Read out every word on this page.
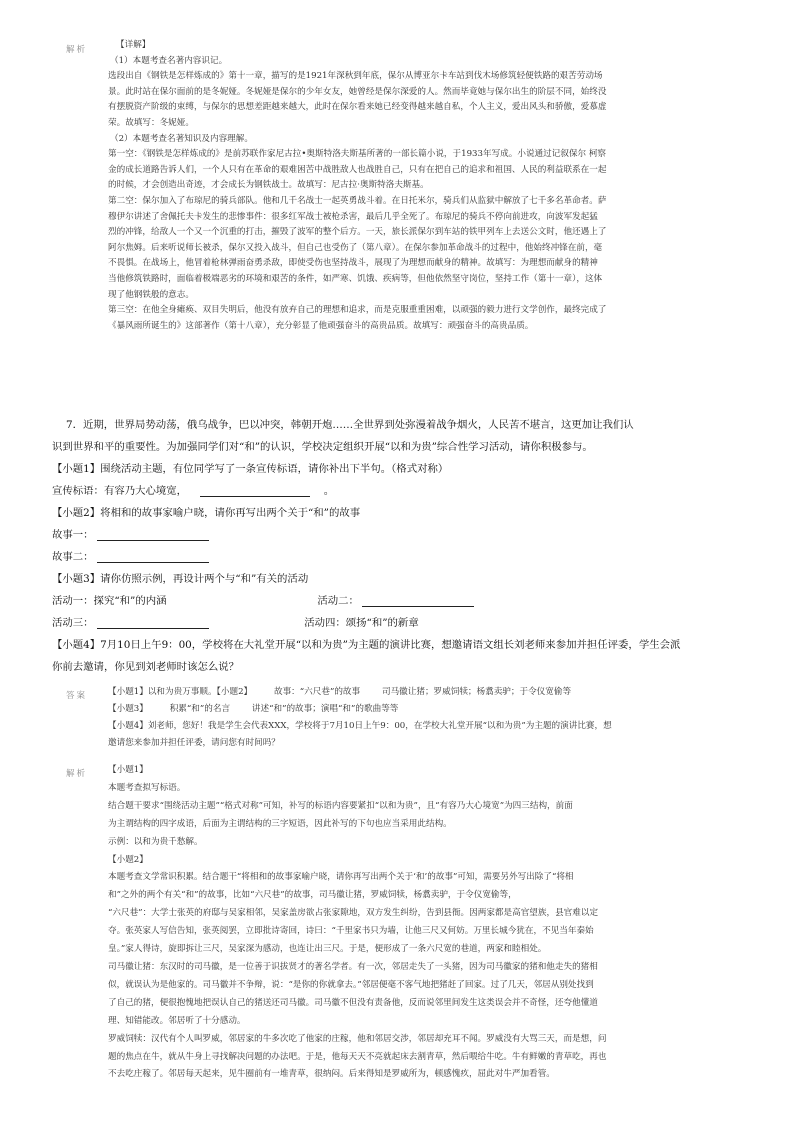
解析	【详解】

（1）本题考查名著内容识记。

选段出自《钢铁是怎样炼成的》第十一章，描写的是1921年深秋到年底，保尔从博亚尔卡车站到伐木场修筑轻便铁路的艰苦劳动场

景。此时站在保尔面前的是冬妮娅。冬妮娅是保尔的少年女友，她曾经是保尔深爱的人。然而毕竟她与保尔出生的阶层不同，始终没

有摆脱资产阶级的束缚，与保尔的思想差距越来越大，此时在保尔看来她已经变得越来越自私，个人主义，爱出风头和骄傲，爱慕虚

荣。故填写：冬妮娅。

（2）本题考查名著知识及内容理解。

第一空：《钢铁是怎样炼成的》是前苏联作家尼古拉•奥斯特洛夫斯基所著的一部长篇小说，于1933年写成。小说通过记叙保尔 柯察

金的成长道路告诉人们，一个人只有在革命的艰难困苦中战胜敌人也战胜自己，只有在把自己的追求和祖国、人民的利益联系在一起

的时候，才会创造出奇迹，才会成长为钢铁战士。故填写：尼古拉·奥斯特洛夫斯基。

第二空：保尔加入了布琼尼的骑兵部队。他和几千名战士一起英勇战斗着。在日托米尔，骑兵们从监狱中解放了七千多名革命者。萨

穆伊尔讲述了舍佩托夫卡发生的悲惨事件：很多红军战士被枪杀害，最后几乎全死了。布琼尼的骑兵不停向前进攻，向波军发起猛

烈的冲锋，给敌人一个又一个沉重的打击，摧毁了波军的整个后方。一天，旅长派保尔到车站的铁甲列车上去送公文时，他还遇上了

阿尔焦姆。后来听说师长被杀，保尔又投入战斗，但自己也受伤了（第八章）。在保尔参加革命战斗的过程中，他始终冲锋在前，毫

不畏惧。在战场上，他冒着枪林弹雨奋勇杀敌，即使受伤也坚持战斗，展现了为理想而献身的精神。故填写：为理想而献身的精神

当他修筑铁路时，面临着极端恶劣的环境和艰苦的条件，如严寒、饥饿、疾病等，但他依然坚守岗位，坚持工作（第十一章），这体

现了他钢铁般的意志。

第三空：在他全身瘫痪、双目失明后，他没有放弃自己的理想和追求，而是克服重重困难，以顽强的毅力进行文学创作，最终完成了

《暴风雨所诞生的》这部著作（第十八章），充分彰显了他顽强奋斗的高贵品质。故填写：顽强奋斗的高贵品质。

7．近期，世界局势动荡，俄乌战争，巴以冲突，韩朝开炮……全世界到处弥漫着战争烟火，人民苦不堪言，这更加让我们认

识到世界和平的重要性。为加强同学们对“和”的认识，学校决定组织开展“以和为贵”综合性学习活动，请你积极参与。

【小题1】围绕活动主题，有位同学写了一条宣传标语，请你补出下半句。（格式对称）

宣传标语：有容乃大心境宽，	。

【小题2】将相和的故事家喻户晓，请你再写出两个关于“和”的故事

故事一：

故事二：

【小题3】请你仿照示例，再设计两个与“和”有关的活动

活动一：探究“和”的内涵	活动二：

活动三：	活动四：颂扬“和”的新章

【小题4】7月10日上午9：00，学校将在大礼堂开展“以和为贵”为主题的演讲比赛，想邀请语文组长刘老师来参加并担任评委，学生会派

你前去邀请，你见到刘老师时该怎么说？

答案 【小题1】以和为贵万事顺。【小题2】        故事：“六尺巷”的故事        司马徽让猪；罗威饲犊；杨翥卖驴；于令仪宽偷等

【小题3】        积累“和”的名言        讲述“和”的故事；演唱“和”的歌曲等等

【小题4】刘老师，您好！我是学生会代表XXX，学校将于7月10日上午9：00，在学校大礼堂开展“以和为贵”为主题的演讲比赛，想

邀请您来参加并担任评委，请问您有时间吗？

解析 【小题1】

本题考查拟写标语。

结合题干要求“围绕活动主题”“格式对称”可知，补写的标语内容要紧扣“以和为贵”，且“有容乃大心境宽”为四三结构，前面

为主谓结构的四字成语，后面为主谓结构的三字短语，因此补写的下句也应当采用此结构。

示例：以和为贵千愁解。

【小题2】

本题考查文学常识积累。结合题干“将相和的故事家喻户晓，请你再写出两个关于‘和’的故事”可知，需要另外写出除了“将相

和”之外的两个有关“和”的故事，比如“六尺巷”的故事，司马徽让猪，罗威饲犊，杨翥卖驴，于令仪宽偷等，

“六尺巷”：大学士张英的府邸与吴家相邻，吴家盖房欲占张家隙地，双方发生纠纷，告到县衙。因两家都是高官望族，县官难以定

夺。张英家人写信告知，张英阅罢，立即批诗寄回，诗曰：“千里家书只为墙，让他三尺又何妨。万里长城今犹在，不见当年秦始

皇。”家人得诗，旋即拆让三尺，吴家深为感动，也连让出三尺。于是，便形成了一条六尺宽的巷道，两家和睦相处。

司马徽让猪：东汉时的司马徽，是一位善于识拔贤才的著名学者。有一次，邻居走失了一头猪，因为司马徽家的猪和他走失的猪相

似，就误认为是他家的。司马徽并不争辩，说：“是你的你就拿去。”邻居便毫不客气地把猪赶了回家。过了几天，邻居从别处找到

了自己的猪，便很抱愧地把误认自己的猪送还司马徽。司马徽不但没有责备他，反而说邻里间发生这类误会并不奇怪，还夸他懂道

理、知错能改。邻居听了十分感动。

罗威饲犊：汉代有个人叫罗威，邻居家的牛多次吃了他家的庄稼，他和邻居交涉，邻居却充耳不闻。罗威没有大骂三天，而是想，问

题的焦点在牛，就从牛身上寻找解决问题的办法吧。于是，他每天天不亮就起床去割青草，然后喂给牛吃。牛有鲜嫩的青草吃，再也

不去吃庄稼了。邻居每天起来，见牛圈前有一堆青草，很纳闷。后来得知是罗威所为，顿感愧疚，屈此对牛严加看管。
